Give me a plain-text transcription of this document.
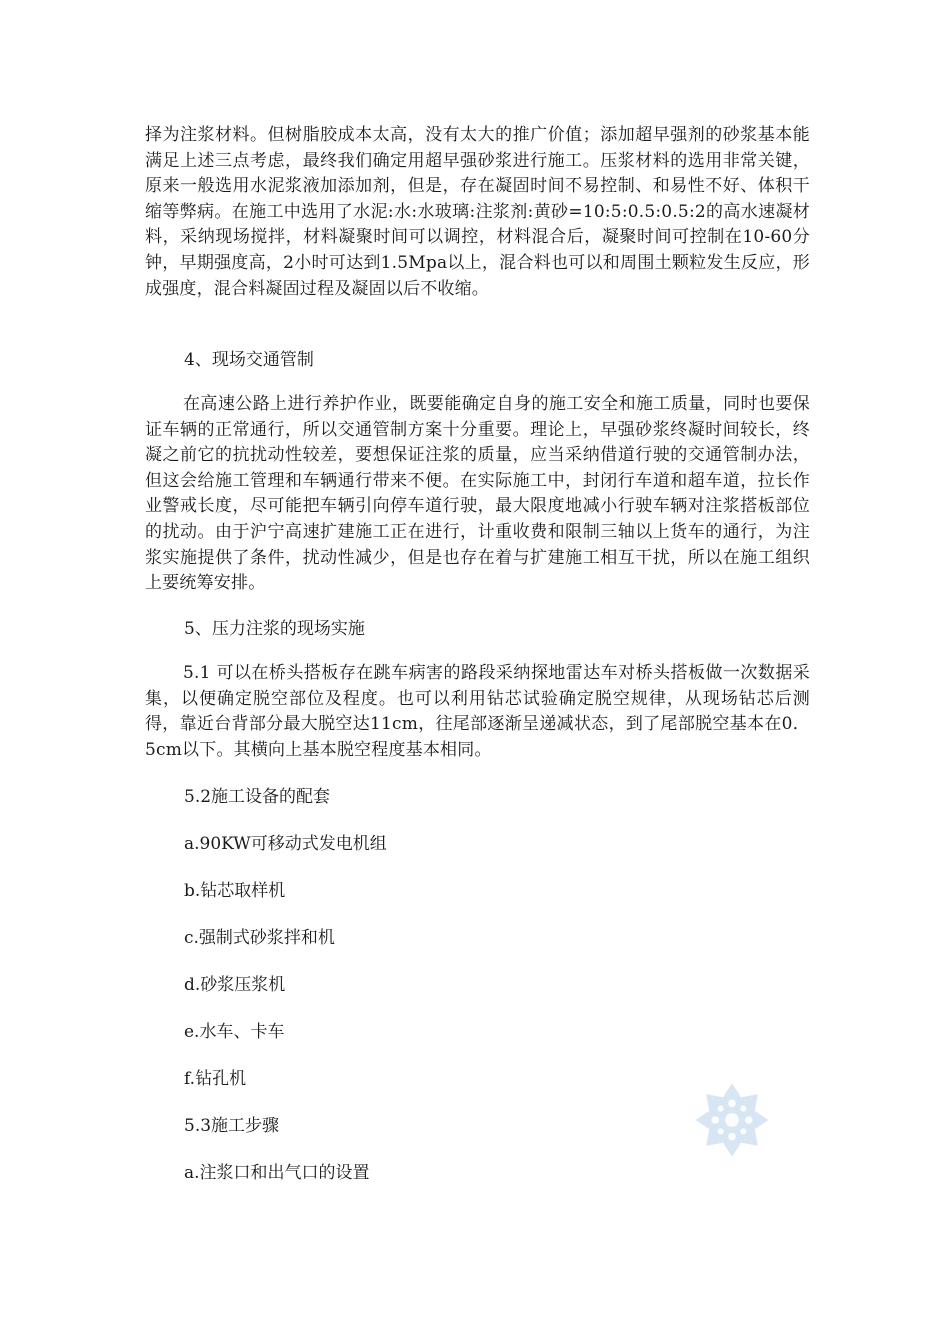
择为注浆材料。但树脂胶成本太高，没有太大的推广价值；添加超早强剂的砂浆基本能满足上述三点考虑，最终我们确定用超早强砂浆进行施工。压浆材料的选用非常关键，原来一般选用水泥浆液加添加剂，但是，存在凝固时间不易控制、和易性不好、体积干缩等弊病。在施工中选用了水泥:水:水玻璃:注浆剂:黄砂=10:5:0.5:0.5:2的高水速凝材料，采纳现场搅拌，材料凝聚时间可以调控，材料混合后，凝聚时间可控制在10-60分钟，早期强度高，2小时可达到1.5Mpa以上，混合料也可以和周围土颗粒发生反应，形成强度，混合料凝固过程及凝固以后不收缩。

4、现场交通管制

在高速公路上进行养护作业，既要能确定自身的施工安全和施工质量，同时也要保证车辆的正常通行，所以交通管制方案十分重要。理论上，早强砂浆终凝时间较长，终凝之前它的抗扰动性较差，要想保证注浆的质量，应当采纳借道行驶的交通管制办法，但这会给施工管理和车辆通行带来不便。在实际施工中，封闭行车道和超车道，拉长作业警戒长度，尽可能把车辆引向停车道行驶，最大限度地减小行驶车辆对注浆搭板部位的扰动。由于沪宁高速扩建施工正在进行，计重收费和限制三轴以上货车的通行，为注浆实施提供了条件，扰动性减少，但是也存在着与扩建施工相互干扰，所以在施工组织上要统筹安排。

5、压力注浆的现场实施

5.1 可以在桥头搭板存在跳车病害的路段采纳探地雷达车对桥头搭板做一次数据采集，以便确定脱空部位及程度。也可以利用钻芯试验确定脱空规律，从现场钻芯后测得，靠近台背部分最大脱空达11cm，往尾部逐渐呈递减状态，到了尾部脱空基本在0．5cm以下。其横向上基本脱空程度基本相同。

5.2施工设备的配套

a.90KW可移动式发电机组

b.钻芯取样机

c.强制式砂浆拌和机

d.砂浆压浆机

e.水车、卡车

f.钻孔机

5.3施工步骤

a.注浆口和出气口的设置
